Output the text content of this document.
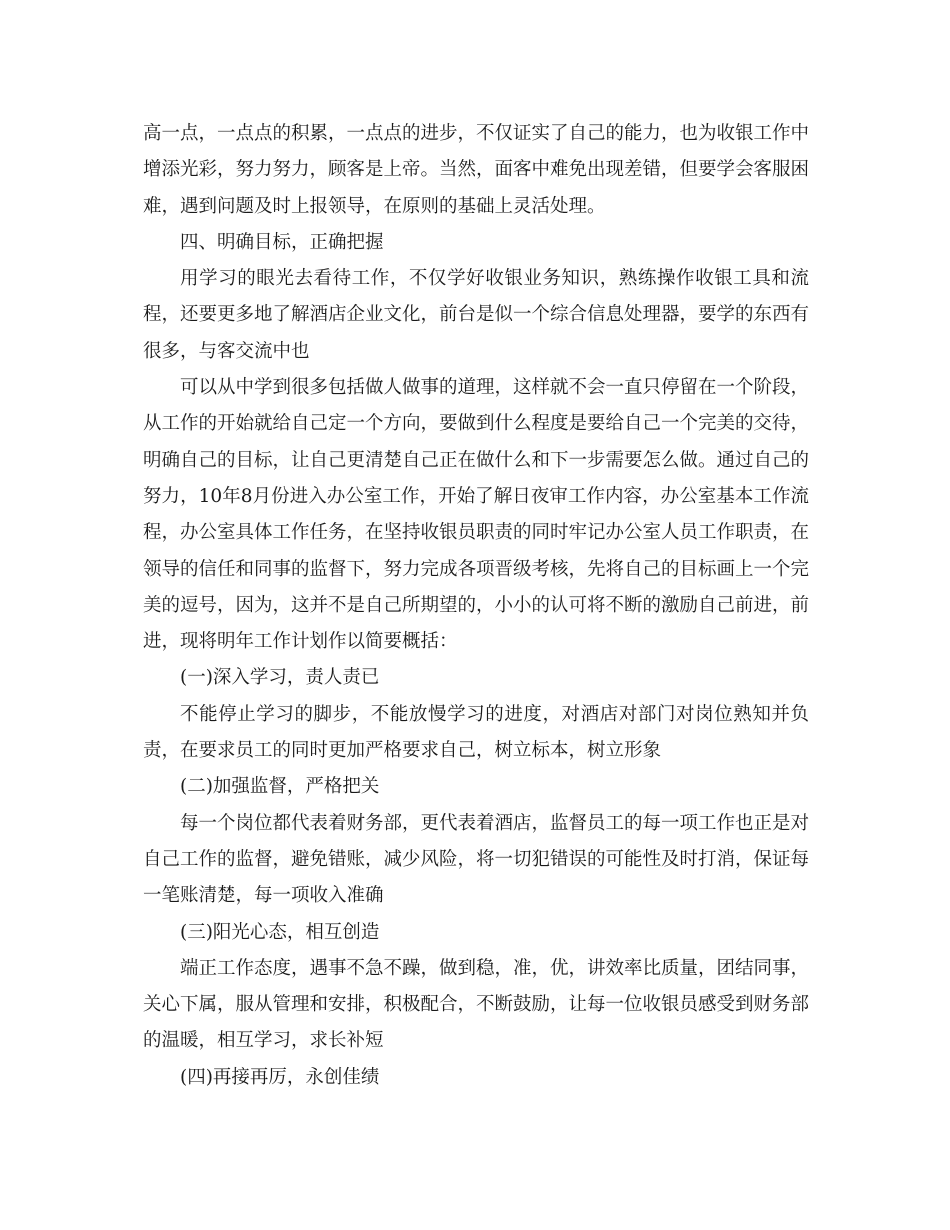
高一点，一点点的积累，一点点的进步，不仅证实了自己的能力，也为收银工作中增添光彩，努力努力，顾客是上帝。当然，面客中难免出现差错，但要学会客服困难，遇到问题及时上报领导，在原则的基础上灵活处理。

四、明确目标，正确把握

用学习的眼光去看待工作，不仅学好收银业务知识，熟练操作收银工具和流程，还要更多地了解酒店企业文化，前台是似一个综合信息处理器，要学的东西有很多，与客交流中也

可以从中学到很多包括做人做事的道理，这样就不会一直只停留在一个阶段，从工作的开始就给自己定一个方向，要做到什么程度是要给自己一个完美的交待，明确自己的目标，让自己更清楚自己正在做什么和下一步需要怎么做。通过自己的努力，10年8月份进入办公室工作，开始了解日夜审工作内容，办公室基本工作流程，办公室具体工作任务，在坚持收银员职责的同时牢记办公室人员工作职责，在领导的信任和同事的监督下，努力完成各项晋级考核，先将自己的目标画上一个完美的逗号，因为，这并不是自己所期望的，小小的认可将不断的激励自己前进，前进，现将明年工作计划作以简要概括：

(一)深入学习，责人责已

不能停止学习的脚步，不能放慢学习的进度，对酒店对部门对岗位熟知并负责，在要求员工的同时更加严格要求自己，树立标本，树立形象

(二)加强监督，严格把关

每一个岗位都代表着财务部，更代表着酒店，监督员工的每一项工作也正是对自己工作的监督，避免错账，减少风险，将一切犯错误的可能性及时打消，保证每一笔账清楚，每一项收入准确

(三)阳光心态，相互创造

端正工作态度，遇事不急不躁，做到稳，准，优，讲效率比质量，团结同事，关心下属，服从管理和安排，积极配合，不断鼓励，让每一位收银员感受到财务部的温暖，相互学习，求长补短

(四)再接再厉，永创佳绩
